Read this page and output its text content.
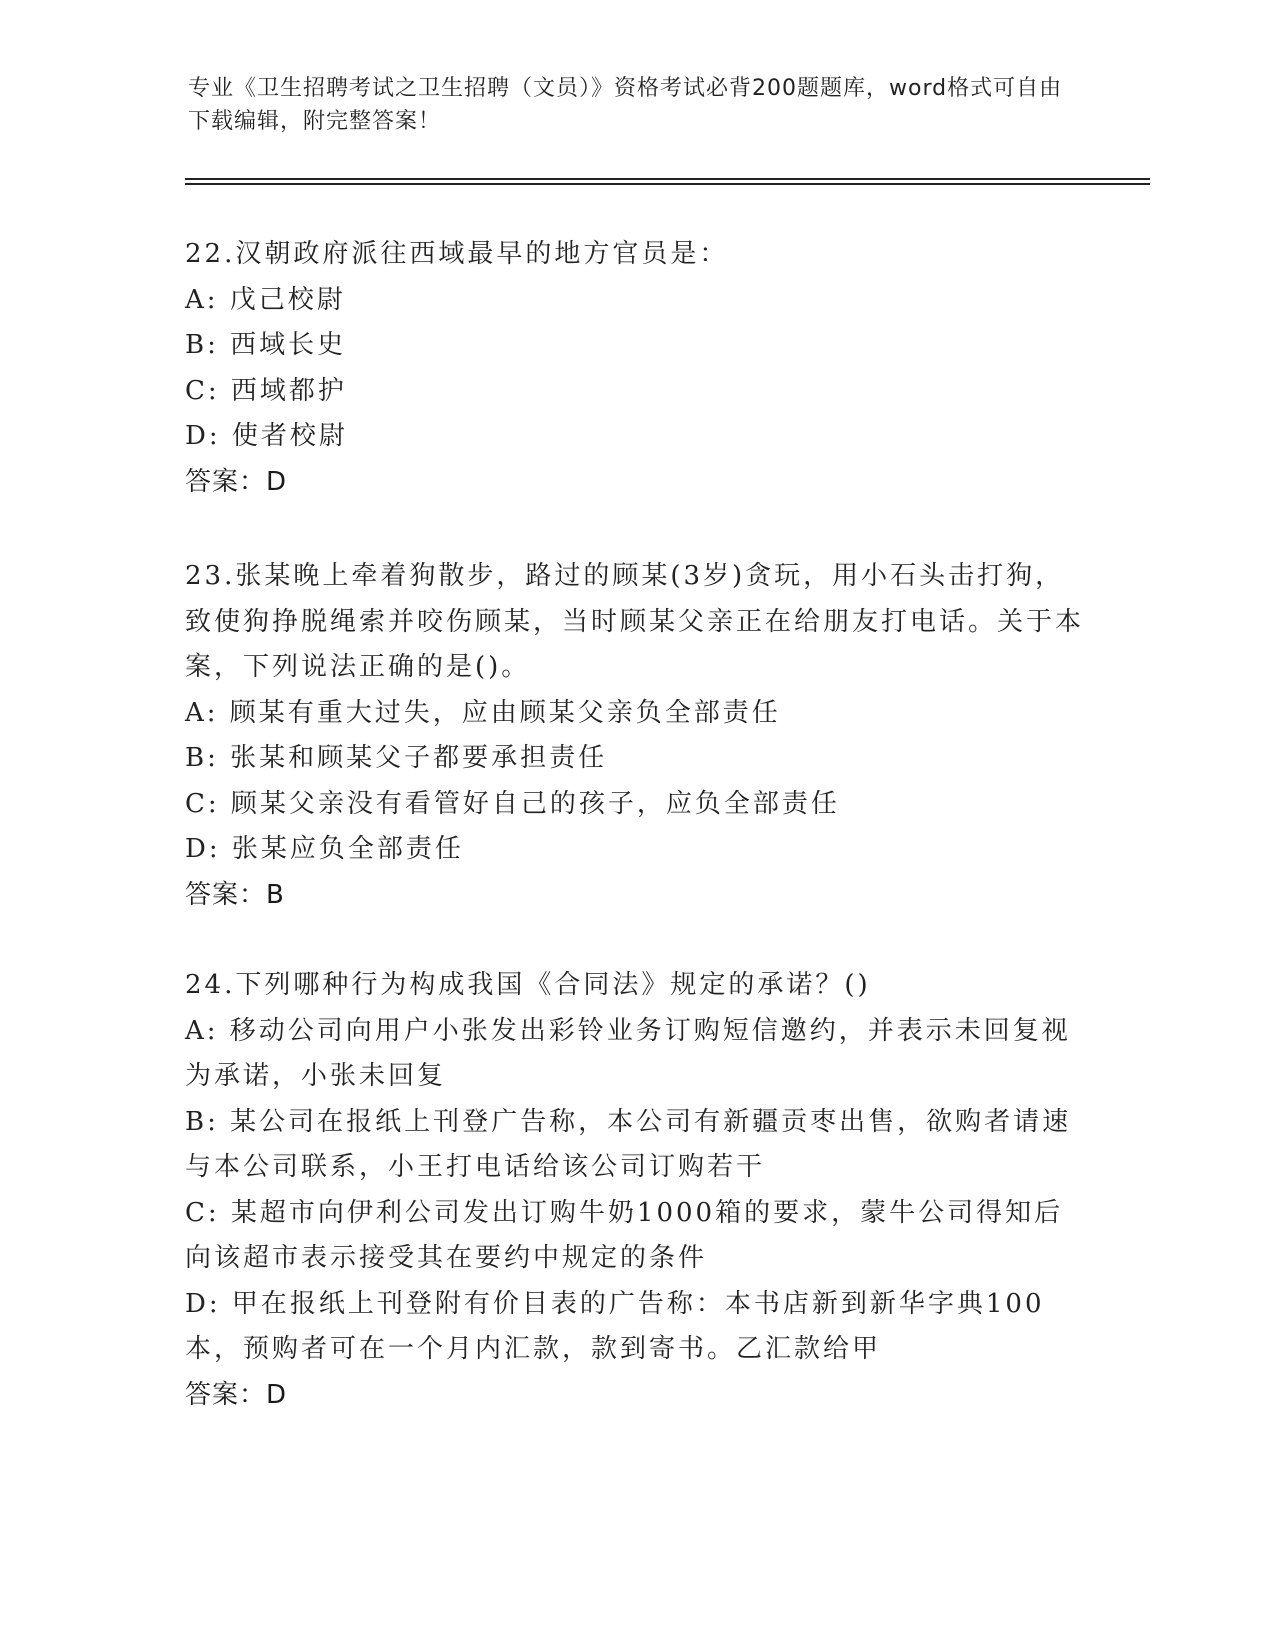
专业《卫生招聘考试之卫生招聘（文员）》资格考试必背200题题库，word格式可自由下载编辑，附完整答案！
22.汉朝政府派往西域最早的地方官员是：
A: 戊己校尉
B: 西域长史
C: 西域都护
D: 使者校尉
答案：D
23.张某晚上牵着狗散步，路过的顾某(3岁)贪玩，用小石头击打狗，致使狗挣脱绳索并咬伤顾某，当时顾某父亲正在给朋友打电话。关于本案，下列说法正确的是()。
A: 顾某有重大过失，应由顾某父亲负全部责任
B: 张某和顾某父子都要承担责任
C: 顾某父亲没有看管好自己的孩子，应负全部责任
D: 张某应负全部责任
答案：B
24.下列哪种行为构成我国《合同法》规定的承诺？()
A: 移动公司向用户小张发出彩铃业务订购短信邀约，并表示未回复视为承诺，小张未回复
B: 某公司在报纸上刊登广告称，本公司有新疆贡枣出售，欲购者请速与本公司联系，小王打电话给该公司订购若干
C: 某超市向伊利公司发出订购牛奶1000箱的要求，蒙牛公司得知后向该超市表示接受其在要约中规定的条件
D: 甲在报纸上刊登附有价目表的广告称：本书店新到新华字典100本，预购者可在一个月内汇款，款到寄书。乙汇款给甲
答案：D
